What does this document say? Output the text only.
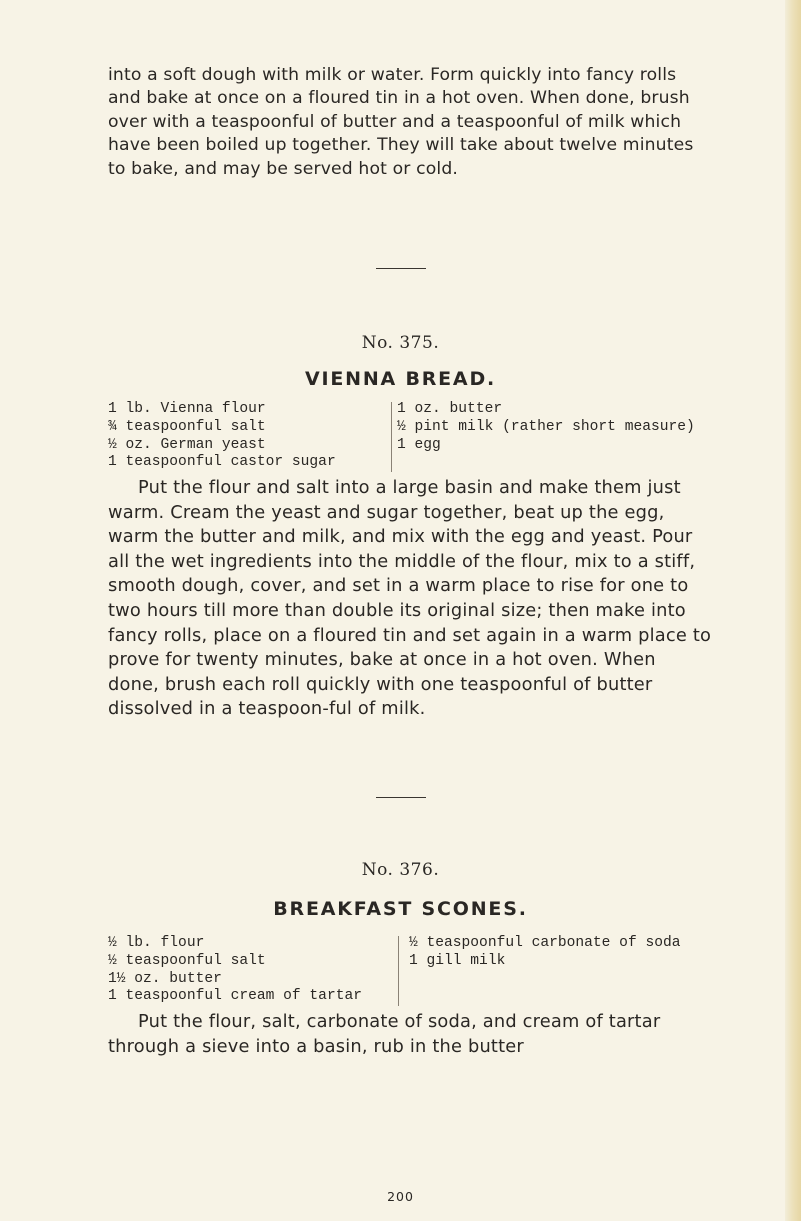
into a soft dough with milk or water. Form quickly into fancy rolls and bake at once on a floured tin in a hot oven. When done, brush over with a teaspoonful of butter and a teaspoonful of milk which have been boiled up together. They will take about twelve minutes to bake, and may be served hot or cold.

No. 375.
VIENNA BREAD.
1 lb. Vienna flour
¾ teaspoonful salt
½ oz. German yeast
1 teaspoonful castor sugar
1 oz. butter
½ pint milk (rather short measure)
1 egg

Put the flour and salt into a large basin and make them just warm. Cream the yeast and sugar together, beat up the egg, warm the butter and milk, and mix with the egg and yeast. Pour all the wet ingredients into the middle of the flour, mix to a stiff, smooth dough, cover, and set in a warm place to rise for one to two hours till more than double its original size; then make into fancy rolls, place on a floured tin and set again in a warm place to prove for twenty minutes, bake at once in a hot oven. When done, brush each roll quickly with one teaspoonful of butter dissolved in a teaspoon-ful of milk.

No. 376.
BREAKFAST SCONES.
½ lb. flour
½ teaspoonful salt
1½ oz. butter
1 teaspoonful cream of tartar
½ teaspoonful carbonate of soda
1 gill milk

Put the flour, salt, carbonate of soda, and cream of tartar through a sieve into a basin, rub in the butter

200
